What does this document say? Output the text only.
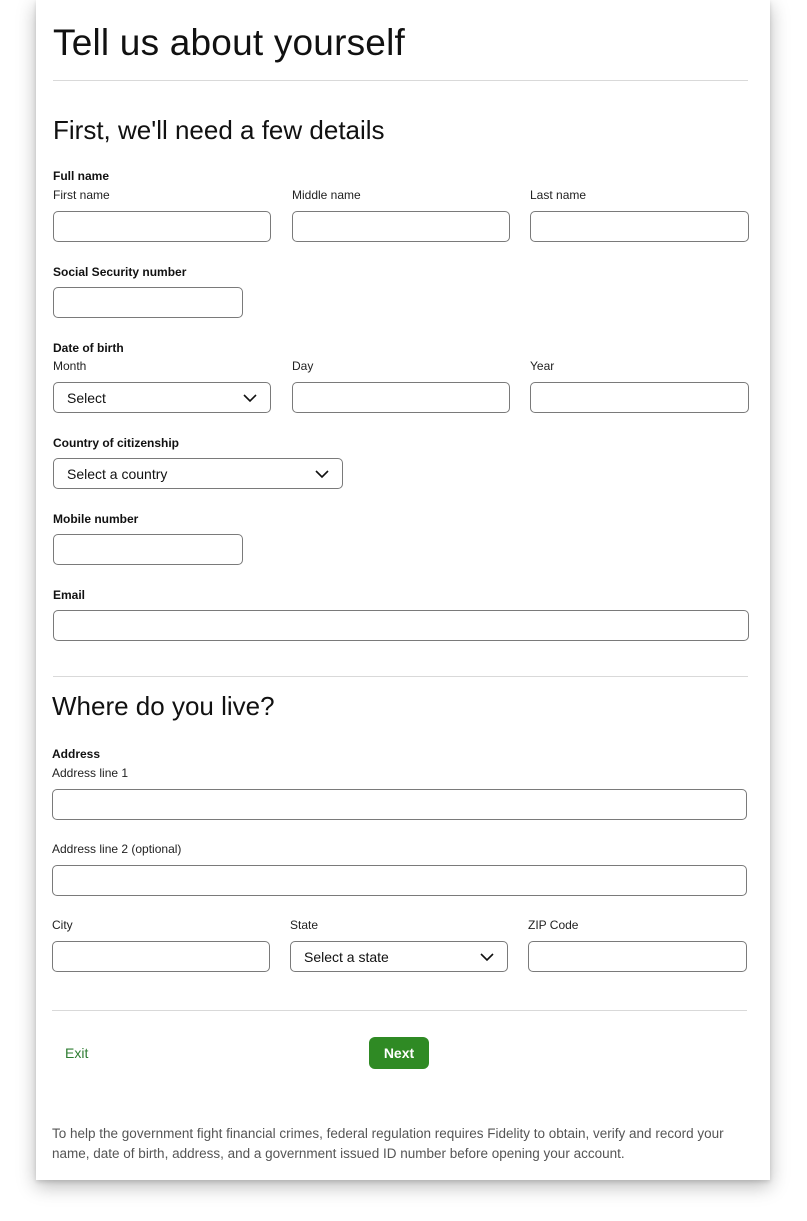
Tell us about yourself
First, we'll need a few details
Full name
First name	Middle name	Last name
Social Security number
Date of birth
Month	Day	Year
Select
Country of citizenship
Select a country
Mobile number
Email
Where do you live?
Address
Address line 1
Address line 2 (optional)
City	State	ZIP Code
Select a state
Exit	Next
To help the government fight financial crimes, federal regulation requires Fidelity to obtain, verify and record your name, date of birth, address, and a government issued ID number before opening your account.
